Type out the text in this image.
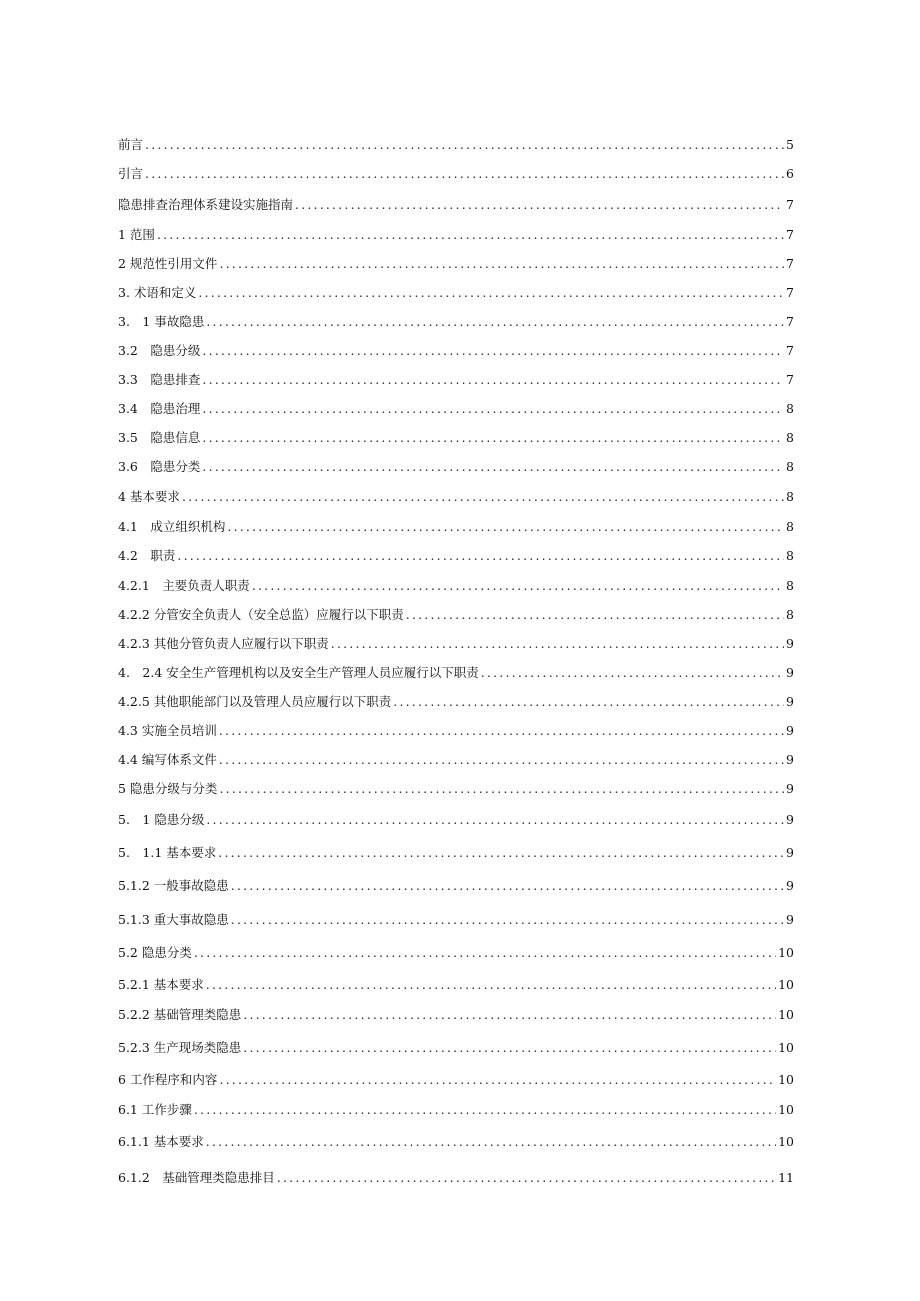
前言 .....	5
引言 .....	6
隐患排查治理体系建设实施指南 .....	7
1 范围 .....	7
2 规范性引用文件 .....	7
3. 术语和定义 .....	7
3.　1 事故隐患 .....	7
3.2　隐患分级 .....	7
3.3　隐患排查 .....	7
3.4　隐患治理 .....	8
3.5　隐患信息 .....	8
3.6　隐患分类 .....	8
4 基本要求 .....	8
4.1　成立组织机构 .....	8
4.2　职责 .....	8
4.2.1　主要负责人职责 .....	8
4.2.2 分管安全负责人（安全总监）应履行以下职责 .....	8
4.2.3 其他分管负责人应履行以下职责 .....	9
4.　2.4 安全生产管理机构以及安全生产管理人员应履行以下职责 .....	9
4.2.5 其他职能部门以及管理人员应履行以下职责 .....	9
4.3 实施全员培训 .....	9
4.4 编写体系文件 .....	9
5 隐患分级与分类 .....	9
5.　1 隐患分级 .....	9
5.　1.1 基本要求 .....	9
5.1.2 一般事故隐患 .....	9
5.1.3 重大事故隐患 .....	9
5.2 隐患分类 .....	10
5.2.1 基本要求 .....	10
5.2.2 基础管理类隐患 .....	10
5.2.3 生产现场类隐患 .....	10
6 工作程序和内容 .....	10
6.1 工作步骤 .....	10
6.1.1 基本要求 .....	10
6.1.2　基础管理类隐患排目 .....	11
